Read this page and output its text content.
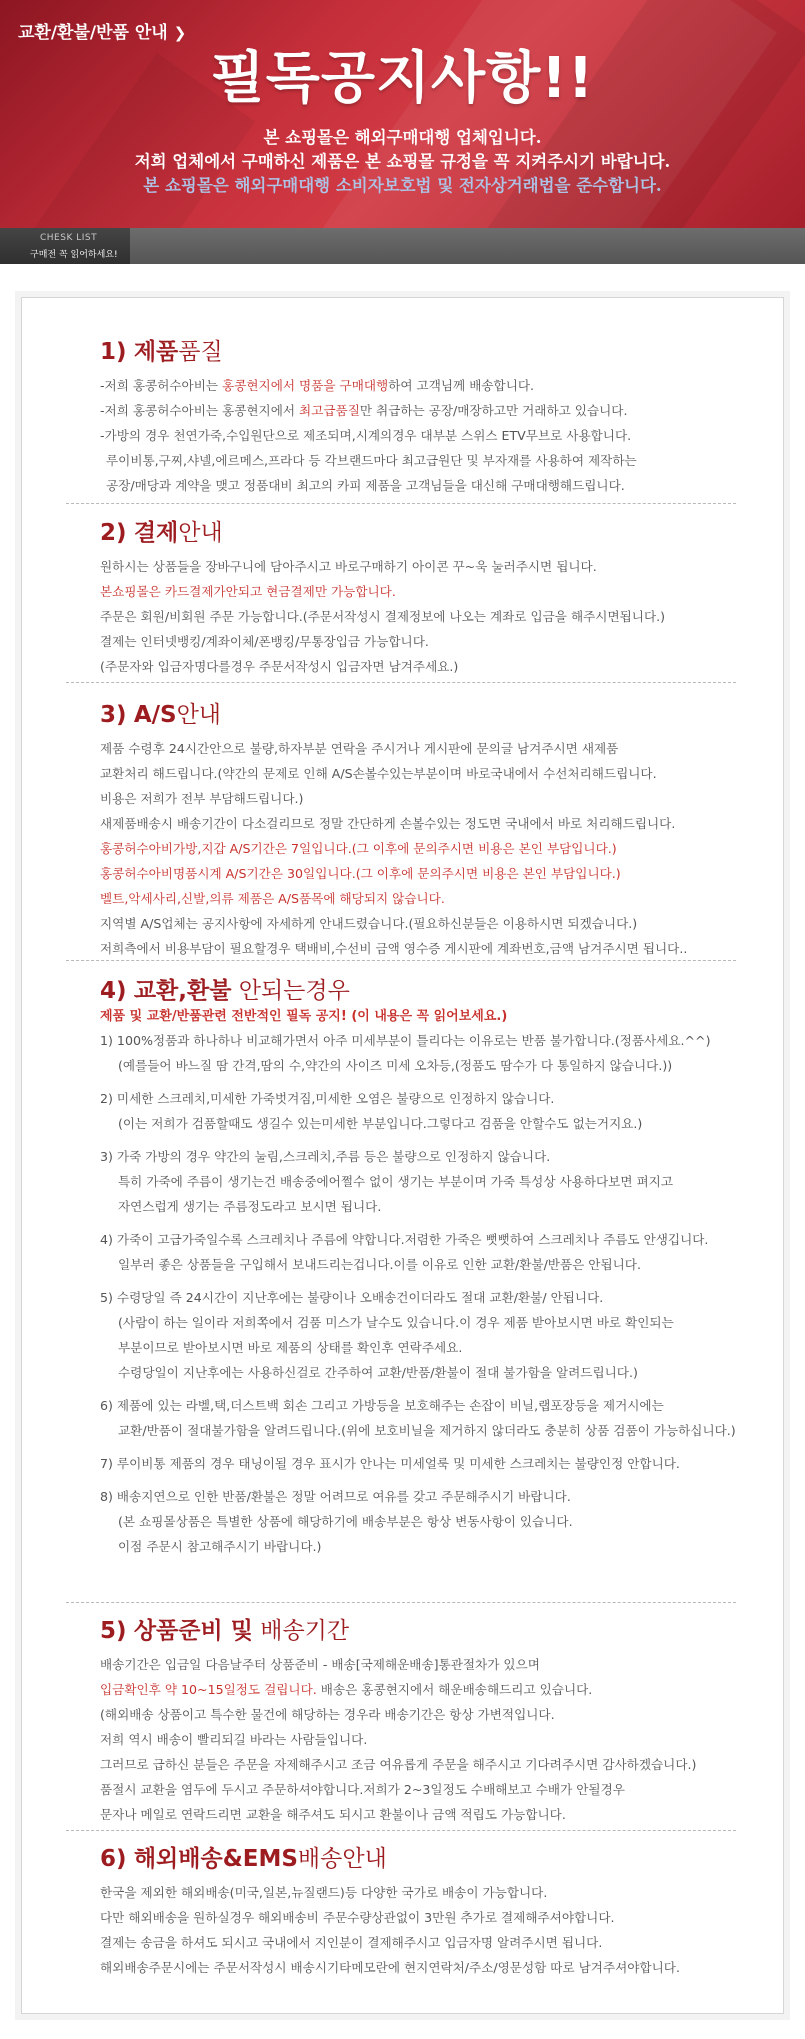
교환/환불/반품 안내 ❯
필독공지사항!!
본 쇼핑몰은 해외구매대행 업체입니다.
저희 업체에서 구매하신 제품은 본 쇼핑몰 규정을 꼭 지켜주시기 바랍니다.
본 쇼핑몰은 해외구매대행 소비자보호법 및 전자상거래법을 준수합니다.
CHESK LIST
구매전 꼭 읽어하세요!
1) 제품품질

-저희 홍콩허수아비는 홍콩현지에서 명품을 구매대행하여 고객님께 배송합니다.

-저희 홍콩허수아비는 홍콩현지에서 최고급품질만 취급하는 공장/매장하고만 거래하고 있습니다.

-가방의 경우 천연가죽,수입원단으로 제조되며,시계의경우 대부분 스위스 ETV무브로 사용합니다.

루이비통,구찌,샤넬,에르메스,프라다 등 각브랜드마다 최고급원단 및 부자재를 사용하여 제작하는

공장/매당과 계약을 맺고 정품대비 최고의 카피 제품을 고객님들을 대신해 구매대행해드립니다.

2) 결제안내

원하시는 상품들을 장바구니에 담아주시고 바로구매하기 아이콘 꾸~욱 눌러주시면 됩니다.

본쇼핑몰은 카드결제가안되고 현금결제만 가능합니다.

주문은 회원/비회원 주문 가능합니다.(주문서작성시 결제정보에 나오는 계좌로 입금을 해주시면됩니다.)

결제는 인터넷뱅킹/계좌이체/폰뱅킹/무통장입금 가능합니다.

(주문자와 입금자명다를경우 주문서작성시 입금자면 남겨주세요.)

3) A/S안내

제품 수령후 24시간안으로 불량,하자부분 연락을 주시거나 게시판에 문의글 남겨주시면 새제품

교환처리 해드립니다.(약간의 문제로 인해 A/S손볼수있는부분이며 바로국내에서 수선처리해드립니다.

비용은 저희가 전부 부담해드립니다.)

새제품배송시 배송기간이 다소걸리므로 정말 간단하게 손볼수있는 정도면 국내에서 바로 처리해드립니다.

홍콩허수아비가방,지갑 A/S기간은 7일입니다.(그 이후에 문의주시면 비용은 본인 부담입니다.)

홍콩허수아비명품시계 A/S기간은 30일입니다.(그 이후에 문의주시면 비용은 본인 부담입니다.)

벨트,악세사리,신발,의류 제품은 A/S품목에 해당되지 않습니다.

지역별 A/S업체는 공지사항에 자세하게 안내드렸습니다.(필요하신분들은 이용하시면 되겠습니다.)

저희측에서 비용부담이 필요할경우 택배비,수선비 금액 영수증 게시판에 계좌번호,금액 남겨주시면 됩니다..

4) 교환,환불 안되는경우

제품 및 교환/반품관련 전반적인 필독 공지! (이 내용은 꼭 읽어보세요.)

1) 100%정품과 하나하나 비교해가면서 아주 미세부분이 틀리다는 이유로는 반품 불가합니다.(정품사세요.^^)

(예를들어 바느질 땀 간격,땀의 수,약간의 사이즈 미세 오차등,(정품도 땀수가 다 통일하지 않습니다.))

2) 미세한 스크레치,미세한 가죽벗겨짐,미세한 오염은 불량으로 인정하지 않습니다.

(이는 저희가 검품할때도 생길수 있는미세한 부분입니다.그렇다고 검품을 안할수도 없는거지요.)

3) 가죽 가방의 경우 약간의 눌림,스크레치,주름 등은 불량으로 인정하지 않습니다.

특히 가죽에 주름이 생기는건 배송중에어쩔수 없이 생기는 부분이며 가죽 특성상 사용하다보면 펴지고

자연스럽게 생기는 주름정도라고 보시면 됩니다.

4) 가죽이 고급가죽일수록 스크레치나 주름에 약합니다.저렴한 가죽은 뻣뻣하여 스크레치나 주름도 안생깁니다.

일부러 좋은 상품들을 구입해서 보내드리는겁니다.이를 이유로 인한 교환/환불/반품은 안됩니다.

5) 수령당일 즉 24시간이 지난후에는 불량이나 오배송건이더라도 절대 교환/환불/ 안됩니다.

(사람이 하는 일이라 저희쪽에서 검품 미스가 날수도 있습니다.이 경우 제품 받아보시면 바로 확인되는

부분이므로 받아보시면 바로 제품의 상태를 확인후 연락주세요.

수령당일이 지난후에는 사용하신걸로 간주하여 교환/반품/환불이 절대 불가함을 알려드립니다.)

6) 제품에 있는 라벨,택,더스트백 회손 그리고 가방등을 보호해주는 손잡이 비닐,랩포장등을 제거시에는

교환/반품이 절대불가함을 알려드립니다.(위에 보호비닐을 제거하지 않더라도 충분히 상품 검품이 가능하십니다.)

7) 루이비통 제품의 경우 태닝이될 경우 표시가 안나는 미세얼룩 및 미세한 스크레치는 불량인정 안합니다.

8) 배송지연으로 인한 반품/환불은 정말 어려므로 여유를 갖고 주문해주시기 바랍니다.

(본 쇼핑몰상품은 특별한 상품에 해당하기에 배송부분은 항상 변동사항이 있습니다.

이점 주문시 참고해주시기 바랍니다.)

5) 상품준비 및 배송기간

배송기간은 입금일 다음날주터 상품준비 - 배송[국제해운배송]통관절차가 있으며

입금확인후 약 10~15일정도 걸립니다. 배송은 홍콩현지에서 해운배송해드리고 있습니다.

(해외배송 상품이고 특수한 물건에 해당하는 경우라 배송기간은 항상 가변적입니다.

저희 역시 배송이 빨리되길 바라는 사람들입니다.

그러므로 급하신 분들은 주문을 자제해주시고 조금 여유롭게 주문을 해주시고 기다려주시면 감사하겠습니다.)

품절시 교환을 염두에 두시고 주문하셔야합니다.저희가 2~3일정도 수배해보고 수배가 안될경우

문자나 메일로 연락드리면 교환을 해주셔도 되시고 환불이나 금액 적립도 가능합니다.

6) 해외배송&EMS배송안내

한국을 제외한 해외배송(미국,일본,뉴질랜드)등 다양한 국가로 배송이 가능합니다.

다만 해외배송을 원하실경우 해외배송비 주문수량상관없이 3만원 추가로 결제해주셔야합니다.

결제는 송금을 하셔도 되시고 국내에서 지인분이 결제해주시고 입금자명 알려주시면 됩니다.

해외배송주문시에는 주문서작성시 배송시기타메모란에 현지연락처/주소/영문성함 따로 남겨주셔야합니다.
